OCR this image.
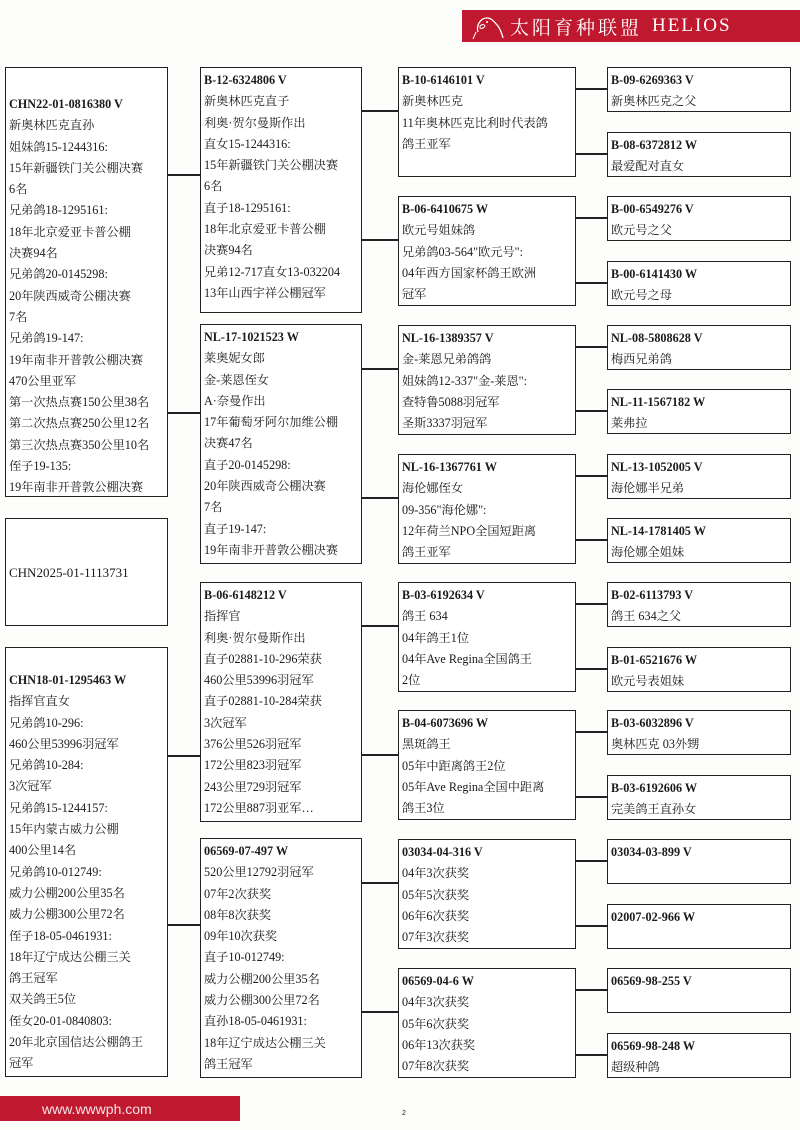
太阳育种联盟 HELIOS
CHN22-01-0816380 V
新奥林匹克直孙
姐妹鸽15-1244316:
15年新疆铁门关公棚决赛
6名
兄弟鸽18-1295161:
18年北京爱亚卡普公棚
决赛94名
兄弟鸽20-0145298:
20年陕西威奇公棚决赛
7名
兄弟鸽19-147:
19年南非开普敦公棚决赛
470公里亚军
第一次热点赛150公里38名
第二次热点赛250公里12名
第三次热点赛350公里10名
侄子19-135:
19年南非开普敦公棚决赛
CHN2025-01-1113731
CHN18-01-1295463 W
指挥官直女
兄弟鸽10-296:
460公里53996羽冠军
兄弟鸽10-284:
3次冠军
兄弟鸽15-1244157:
15年内蒙古威力公棚
400公里14名
兄弟鸽10-012749:
威力公棚200公里35名
威力公棚300公里72名
侄子18-05-0461931:
18年辽宁成达公棚三关
鸽王冠军
双关鸽王5位
侄女20-01-0840803:
20年北京国信达公棚鸽王
冠军
B-12-6324806 V
新奥林匹克直子
利奥·贺尔曼斯作出
直女15-1244316:
15年新疆铁门关公棚决赛
6名
直子18-1295161:
18年北京爱亚卡普公棚
决赛94名
兄弟12-717直女13-032204
13年山西宇祥公棚冠军
NL-17-1021523 W
莱奥妮女郎
金-莱恩侄女
A·奈曼作出
17年葡萄牙阿尔加维公棚
决赛47名
直子20-0145298:
20年陕西威奇公棚决赛
7名
直子19-147:
19年南非开普敦公棚决赛
B-06-6148212 V
指挥官
利奥·贺尔曼斯作出
直子02881-10-296荣获
460公里53996羽冠军
直子02881-10-284荣获
3次冠军
376公里526羽冠军
172公里823羽冠军
243公里729羽冠军
172公里887羽亚军…
06569-07-497 W
520公里12792羽冠军
07年2次获奖
08年8次获奖
09年10次获奖
直子10-012749:
威力公棚200公里35名
威力公棚300公里72名
直孙18-05-0461931:
18年辽宁成达公棚三关
鸽王冠军
B-10-6146101 V
新奥林匹克
11年奥林匹克比利时代表鸽
鸽王亚军
B-06-6410675 W
欧元号姐妹鸽
兄弟鸽03-564"欧元号":
04年西方国家杯鸽王欧洲
冠军
NL-16-1389357 V
金-莱恩兄弟鸽鸽
姐妹鸽12-337"金-莱恩":
查特鲁5088羽冠军
圣斯3337羽冠军
NL-16-1367761 W
海伦娜侄女
09-356"海伦娜":
12年荷兰NPO全国短距离
鸽王亚军
B-03-6192634 V
鸽王 634
04年鸽王1位
04年Ave Regina全国鸽王
2位
B-04-6073696 W
黑斑鸽王
05年中距离鸽王2位
05年Ave Regina全国中距离
鸽王3位
03034-04-316 V
04年3次获奖
05年5次获奖
06年6次获奖
07年3次获奖
06569-04-6 W
04年3次获奖
05年6次获奖
06年13次获奖
07年8次获奖
B-09-6269363 V
新奥林匹克之父
B-08-6372812 W
最爱配对直女
B-00-6549276 V
欧元号之父
B-00-6141430 W
欧元号之母
NL-08-5808628 V
梅西兄弟鸽
NL-11-1567182 W
莱弗拉
NL-13-1052005 V
海伦娜半兄弟
NL-14-1781405 W
海伦娜全姐妹
B-02-6113793 V
鸽王 634之父
B-01-6521676 W
欧元号表姐妹
B-03-6032896 V
奥林匹克 03外甥
B-03-6192606 W
完美鸽王直孙女
03034-03-899 V
02007-02-966 W
06569-98-255 V
06569-98-248 W
超级种鸽
www.wwwph.com	2
